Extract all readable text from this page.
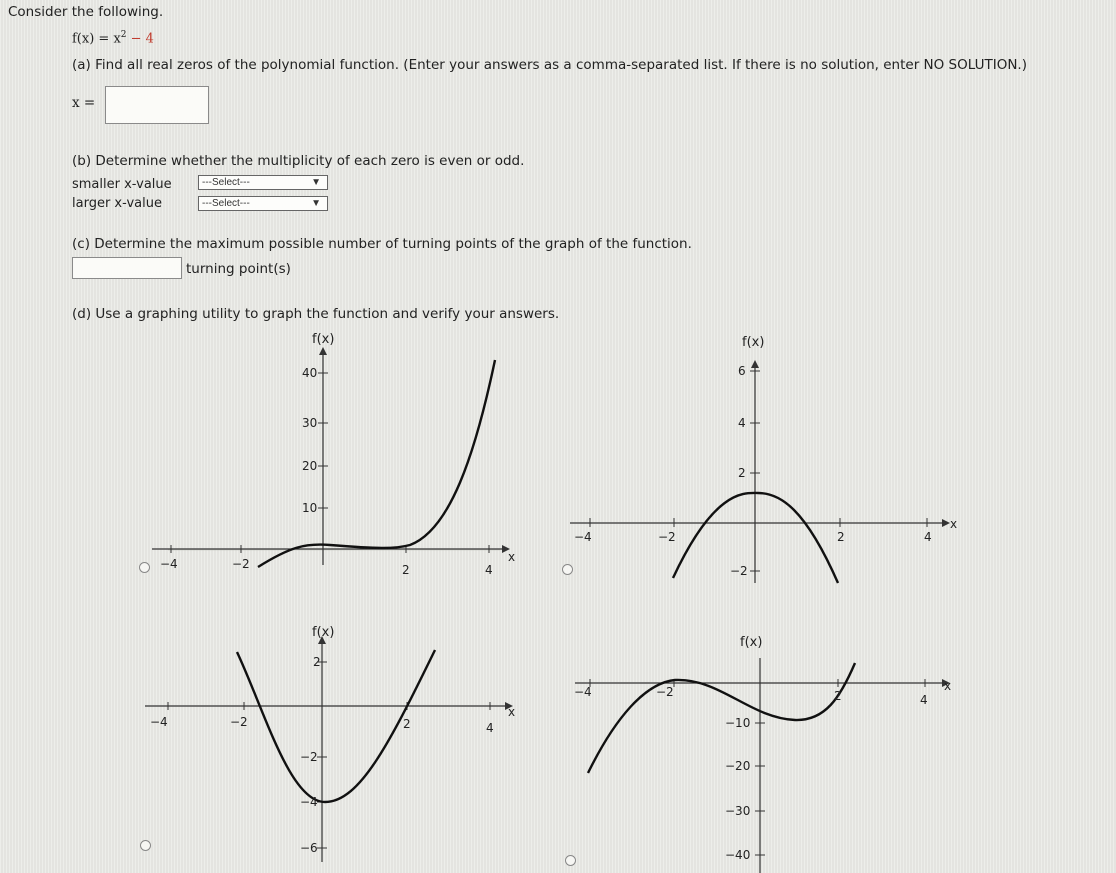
Consider the following.
$f(x) = x^2 - 4$
(a) Find all real zeros of the polynomial function. (Enter your answers as a comma-separated list. If there is no solution, enter NO SOLUTION.)
x =
(b) Determine whether the multiplicity of each zero is even or odd.
smaller x-value	---Select---	▼
larger x-value	---Select---	▼
(c) Determine the maximum possible number of turning points of the graph of the function.
turning point(s)
(d) Use a graphing utility to graph the function and verify your answers.
f(x)
x
10
20
30
40
−4	−2	2	4
f(x)
x
6
4
2
−2
−4	−2	2	4
f(x)
x
2
−2
−4
−6
−4	−2	2	4
f(x)
x
−10
−20
−30
−40
−4	−2	2	4
